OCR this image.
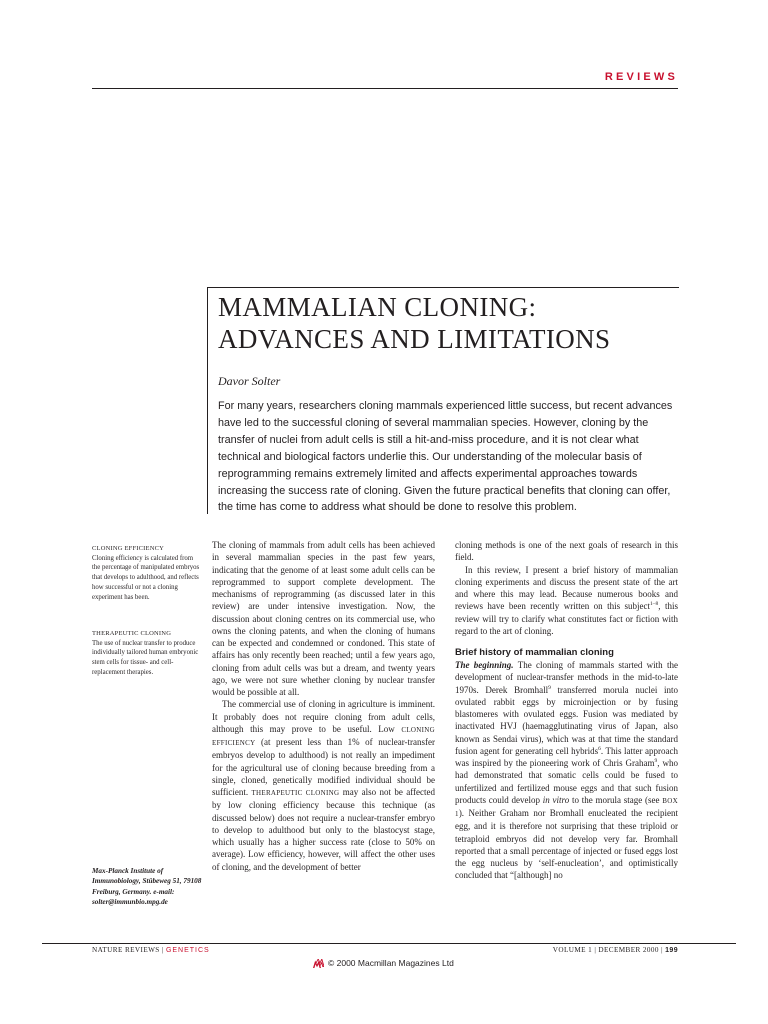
REVIEWS
MAMMALIAN CLONING:
ADVANCES AND LIMITATIONS
Davor Solter

For many years, researchers cloning mammals experienced little success, but recent advances have led to the successful cloning of several mammalian species. However, cloning by the transfer of nuclei from adult cells is still a hit-and-miss procedure, and it is not clear what technical and biological factors underlie this. Our understanding of the molecular basis of reprogramming remains extremely limited and affects experimental approaches towards increasing the success rate of cloning. Given the future practical benefits that cloning can offer, the time has come to address what should be done to resolve this problem.

CLONING EFFICIENCY
Cloning efficiency is calculated from the percentage of manipulated embryos that develops to adulthood, and reflects how successful or not a cloning experiment has been.
THERAPEUTIC CLONING
The use of nuclear transfer to produce individually tailored human embryonic stem cells for tissue- and cell-replacement therapies.
Max-Planck Institute of Immunobiology, Stübeweg 51, 79108 Freiburg, Germany. e-mail: solter@immunbio.mpg.de

The cloning of mammals from adult cells has been achieved in several mammalian species in the past few years, indicating that the genome of at least some adult cells can be reprogrammed to support complete development. The mechanisms of reprogramming (as discussed later in this review) are under intensive investigation. Now, the discussion about cloning centres on its commercial use, who owns the cloning patents, and when the cloning of humans can be expected and condemned or condoned. This state of affairs has only recently been reached; until a few years ago, cloning from adult cells was but a dream, and twenty years ago, we were not sure whether cloning by nuclear transfer would be possible at all.

The commercial use of cloning in agriculture is imminent. It probably does not require cloning from adult cells, although this may prove to be useful. Low CLONING EFFICIENCY (at present less than 1% of nuclear-transfer embryos develop to adulthood) is not really an impediment for the agricultural use of cloning because breeding from a single, cloned, genetically modified individual should be sufficient. THERAPEUTIC CLONING may also not be affected by low cloning efficiency because this technique (as discussed below) does not require a nuclear-transfer embryo to develop to adulthood but only to the blastocyst stage, which usually has a higher success rate (close to 50% on average). Low efficiency, however, will affect the other uses of cloning, and the development of better

cloning methods is one of the next goals of research in this field.

In this review, I present a brief history of mammalian cloning experiments and discuss the present state of the art and where this may lead. Because numerous books and reviews have been recently written on this subject$^{1-8}$, this review will try to clarify what constitutes fact or fiction with regard to the art of cloning.

Brief history of mammalian cloning

The beginning. The cloning of mammals started with the development of nuclear-transfer methods in the mid-to-late 1970s. Derek Bromhall$^9$ transferred morula nuclei into ovulated rabbit eggs by microinjection or by fusing blastomeres with ovulated eggs. Fusion was mediated by inactivated HVJ (haemagglutinating virus of Japan, also known as Sendai virus), which was at that time the standard fusion agent for generating cell hybrids$^6$. This latter approach was inspired by the pioneering work of Chris Graham$^9$, who had demonstrated that somatic cells could be fused to unfertilized and fertilized mouse eggs and that such fusion products could develop in vitro to the morula stage (see BOX 1). Neither Graham nor Bromhall enucleated the recipient egg, and it is therefore not surprising that these triploid or tetraploid embryos did not develop very far. Bromhall reported that a small percentage of injected or fused eggs lost the egg nucleus by ‘self-enucleation’, and optimistically concluded that “[although] no

NATURE REVIEWS | GENETICS	VOLUME 1 | DECEMBER 2000 | 199
© 2000 Macmillan Magazines Ltd
